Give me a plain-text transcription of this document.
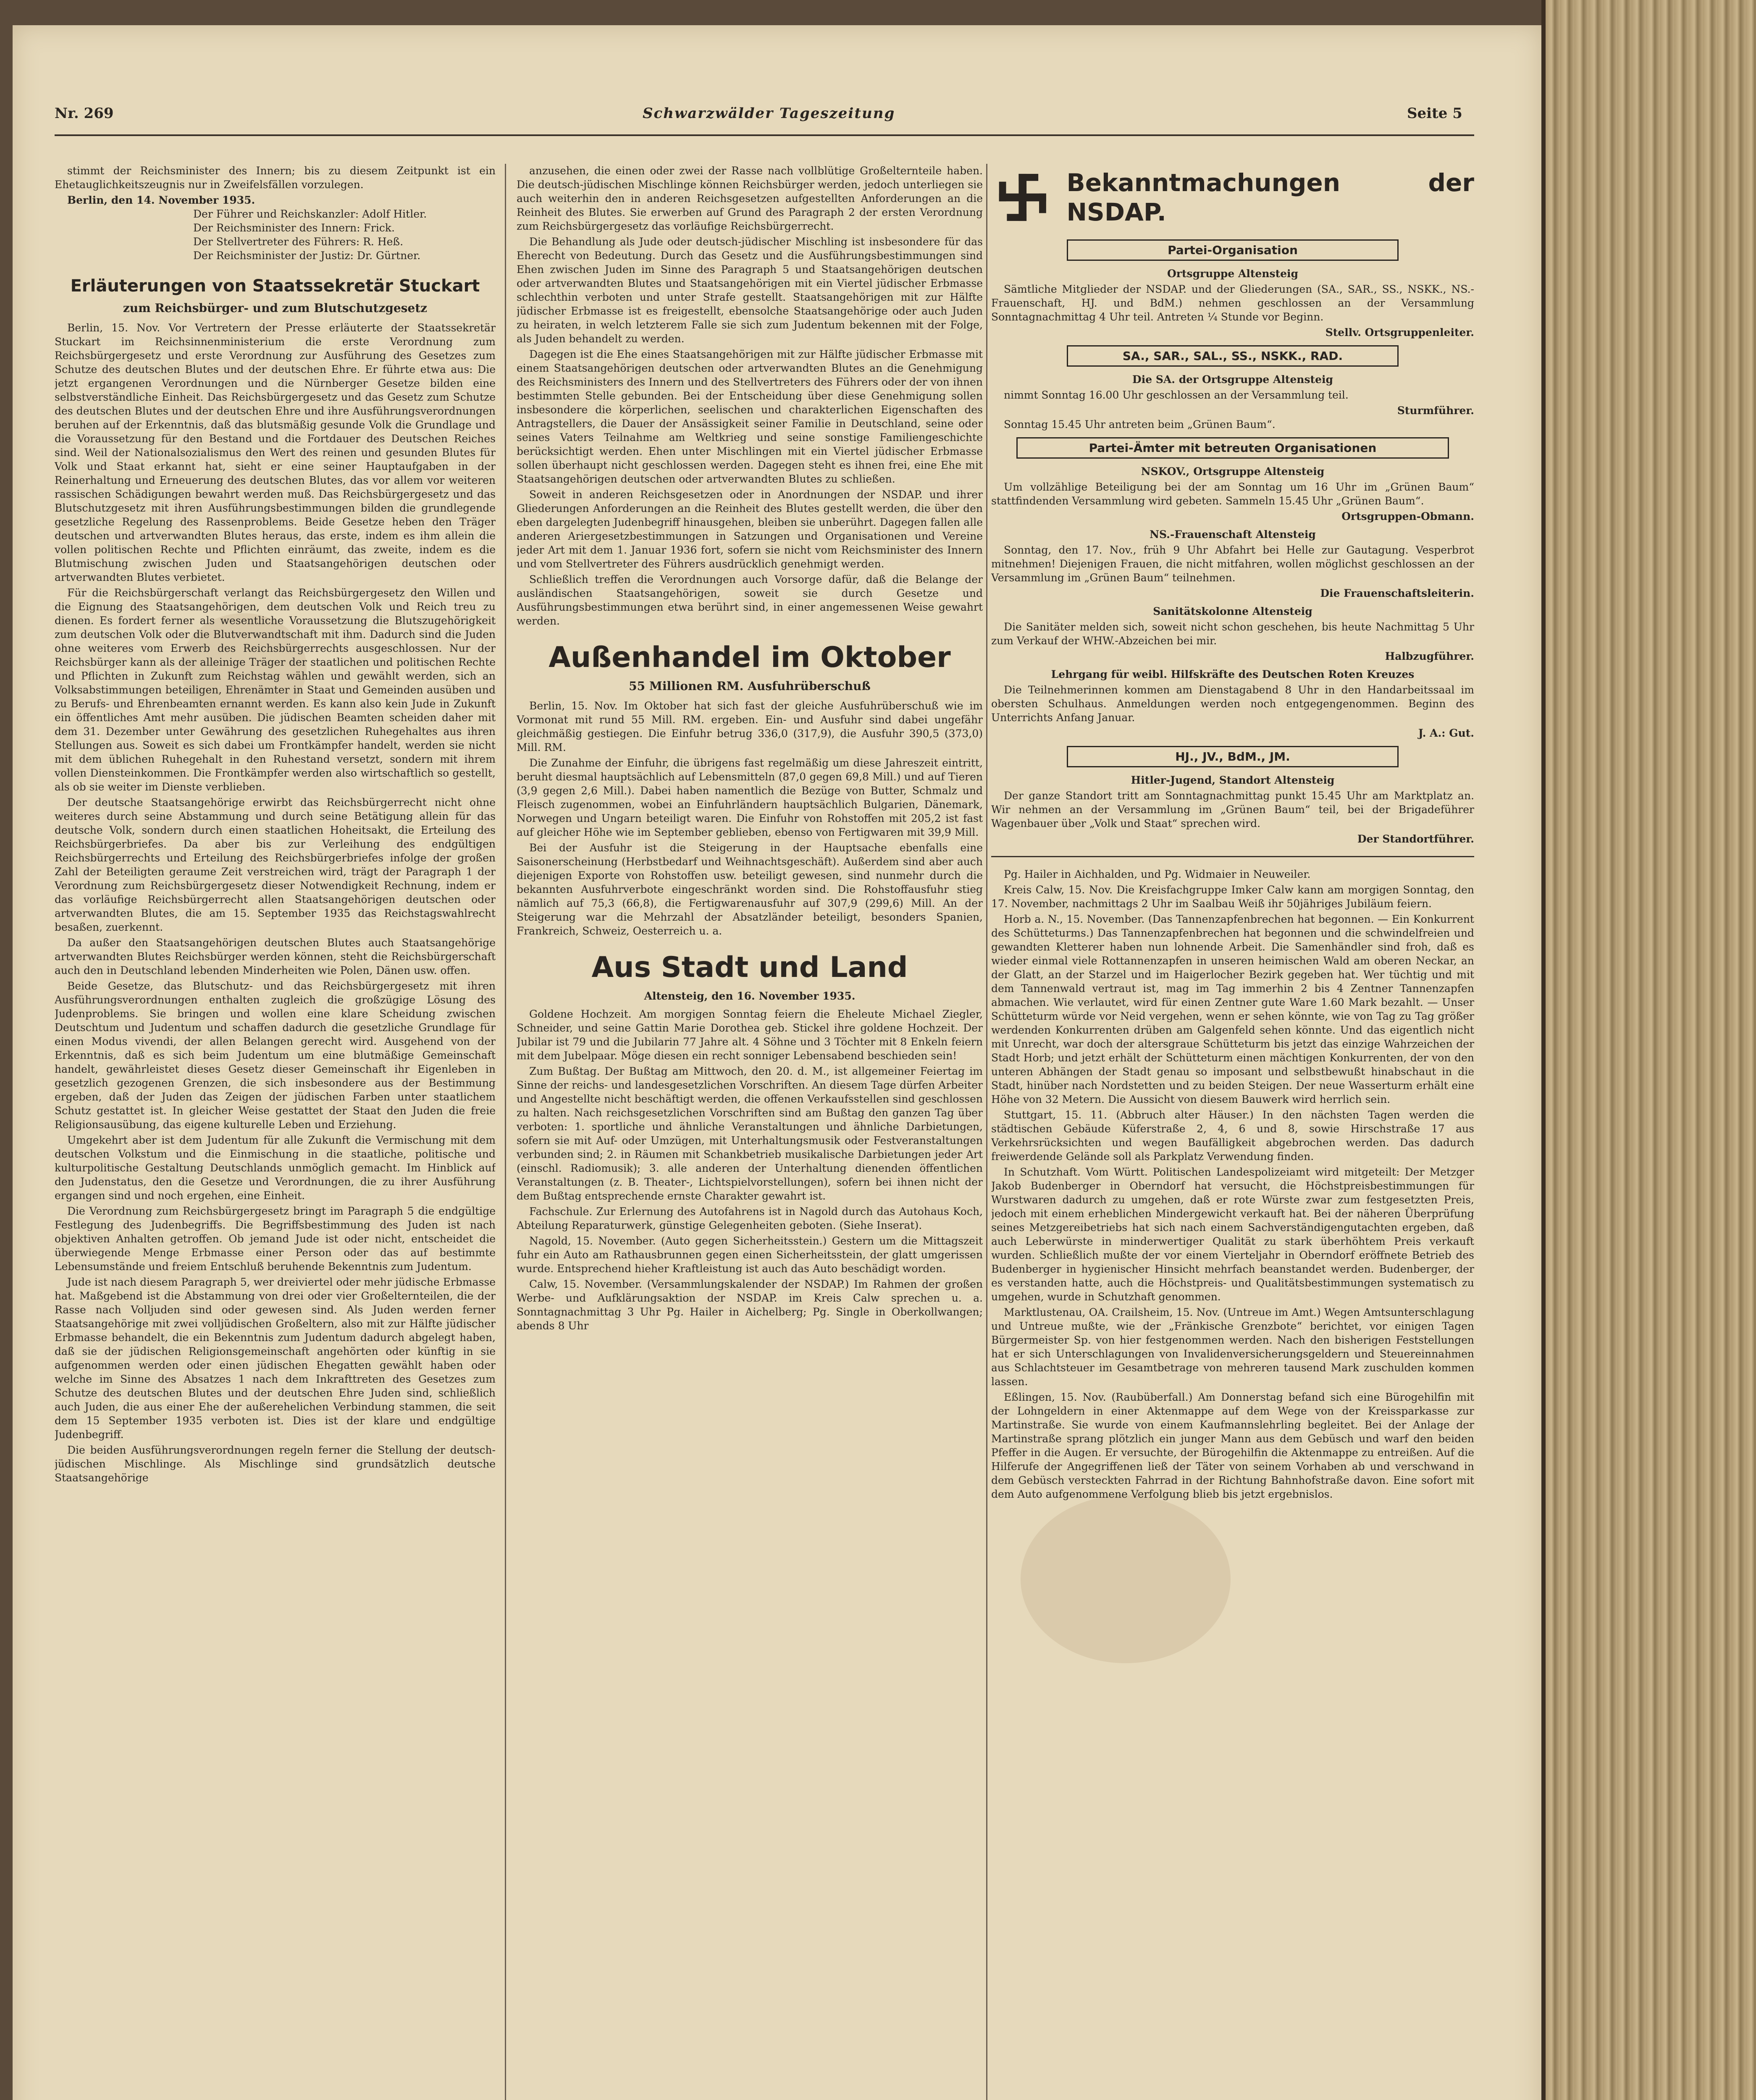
Nr. 269	Schwarzwälder Tageszeitung	Seite 5

stimmt der Reichsminister des Innern; bis zu diesem Zeitpunkt ist ein Ehetauglichkeitszeugnis nur in Zweifelsfällen vorzulegen.

Berlin, den 14. November 1935.

Der Führer und Reichskanzler: Adolf Hitler.

Der Reichsminister des Innern: Frick.

Der Stellvertreter des Führers: R. Heß.

Der Reichsminister der Justiz: Dr. Gürtner.

Erläuterungen von Staatssekretär Stuckart
zum Reichsbürger- und zum Blutschutzgesetz

Berlin, 15. Nov. Vor Vertretern der Presse erläuterte der Staatssekretär Stuckart im Reichsinnenministerium die erste Verordnung zum Reichsbürgergesetz und erste Verordnung zur Ausführung des Gesetzes zum Schutze des deutschen Blutes und der deutschen Ehre. Er führte etwa aus: Die jetzt ergangenen Verordnungen und die Nürnberger Gesetze bilden eine selbstverständliche Einheit. Das Reichsbürgergesetz und das Gesetz zum Schutze des deutschen Blutes und der deutschen Ehre und ihre Ausführungsverordnungen beruhen auf der Erkenntnis, daß das blutsmäßig gesunde Volk die Grundlage und die Voraussetzung für den Bestand und die Fortdauer des Deutschen Reiches sind. Weil der Nationalsozialismus den Wert des reinen und gesunden Blutes für Volk und Staat erkannt hat, sieht er eine seiner Hauptaufgaben in der Reinerhaltung und Erneuerung des deutschen Blutes, das vor allem vor weiteren rassischen Schädigungen bewahrt werden muß. Das Reichsbürgergesetz und das Blutschutzgesetz mit ihren Ausführungsbestimmungen bilden die grundlegende gesetzliche Regelung des Rassenproblems. Beide Gesetze heben den Träger deutschen und artverwandten Blutes heraus, das erste, indem es ihm allein die vollen politischen Rechte und Pflichten einräumt, das zweite, indem es die Blutmischung zwischen Juden und Staatsangehörigen deutschen oder artverwandten Blutes verbietet.

Für die Reichsbürgerschaft verlangt das Reichsbürgergesetz den Willen und die Eignung des Staatsangehörigen, dem deutschen Volk und Reich treu zu dienen. Es fordert ferner als wesentliche Voraussetzung die Blutszugehörigkeit zum deutschen Volk oder die Blutverwandtschaft mit ihm. Dadurch sind die Juden ohne weiteres vom Erwerb des Reichsbürgerrechts ausgeschlossen. Nur der Reichsbürger kann als der alleinige Träger der staatlichen und politischen Rechte und Pflichten in Zukunft zum Reichstag wählen und gewählt werden, sich an Volksabstimmungen beteiligen, Ehrenämter in Staat und Gemeinden ausüben und zu Berufs- und Ehrenbeamten ernannt werden. Es kann also kein Jude in Zukunft ein öffentliches Amt mehr ausüben. Die jüdischen Beamten scheiden daher mit dem 31. Dezember unter Gewährung des gesetzlichen Ruhegehaltes aus ihren Stellungen aus. Soweit es sich dabei um Frontkämpfer handelt, werden sie nicht mit dem üblichen Ruhegehalt in den Ruhestand versetzt, sondern mit ihrem vollen Diensteinkommen. Die Frontkämpfer werden also wirtschaftlich so gestellt, als ob sie weiter im Dienste verblieben.

Der deutsche Staatsangehörige erwirbt das Reichsbürgerrecht nicht ohne weiteres durch seine Abstammung und durch seine Betätigung allein für das deutsche Volk, sondern durch einen staatlichen Hoheitsakt, die Erteilung des Reichsbürgerbriefes. Da aber bis zur Verleihung des endgültigen Reichsbürgerrechts und Erteilung des Reichsbürgerbriefes infolge der großen Zahl der Beteiligten geraume Zeit verstreichen wird, trägt der Paragraph 1 der Verordnung zum Reichsbürgergesetz dieser Notwendigkeit Rechnung, indem er das vorläufige Reichsbürgerrecht allen Staatsangehörigen deutschen oder artverwandten Blutes, die am 15. September 1935 das Reichstagswahlrecht besaßen, zuerkennt.

Da außer den Staatsangehörigen deutschen Blutes auch Staatsangehörige artverwandten Blutes Reichsbürger werden können, steht die Reichsbürgerschaft auch den in Deutschland lebenden Minderheiten wie Polen, Dänen usw. offen.

Beide Gesetze, das Blutschutz- und das Reichsbürgergesetz mit ihren Ausführungsverordnungen enthalten zugleich die großzügige Lösung des Judenproblems. Sie bringen und wollen eine klare Scheidung zwischen Deutschtum und Judentum und schaffen dadurch die gesetzliche Grundlage für einen Modus vivendi, der allen Belangen gerecht wird. Ausgehend von der Erkenntnis, daß es sich beim Judentum um eine blutmäßige Gemeinschaft handelt, gewährleistet dieses Gesetz dieser Gemeinschaft ihr Eigenleben in gesetzlich gezogenen Grenzen, die sich insbesondere aus der Bestimmung ergeben, daß der Juden das Zeigen der jüdischen Farben unter staatlichem Schutz gestattet ist. In gleicher Weise gestattet der Staat den Juden die freie Religionsausübung, das eigene kulturelle Leben und Erziehung.

Umgekehrt aber ist dem Judentum für alle Zukunft die Vermischung mit dem deutschen Volkstum und die Einmischung in die staatliche, politische und kulturpolitische Gestaltung Deutschlands unmöglich gemacht. Im Hinblick auf den Judenstatus, den die Gesetze und Verordnungen, die zu ihrer Ausführung ergangen sind und noch ergehen, eine Einheit.

Die Verordnung zum Reichsbürgergesetz bringt im Paragraph 5 die endgültige Festlegung des Judenbegriffs. Die Begriffsbestimmung des Juden ist nach objektiven Anhalten getroffen. Ob jemand Jude ist oder nicht, entscheidet die überwiegende Menge Erbmasse einer Person oder das auf bestimmte Lebensumstände und freiem Entschluß beruhende Bekenntnis zum Judentum.

Jude ist nach diesem Paragraph 5, wer dreiviertel oder mehr jüdische Erbmasse hat. Maßgebend ist die Abstammung von drei oder vier Großelternteilen, die der Rasse nach Volljuden sind oder gewesen sind. Als Juden werden ferner Staatsangehörige mit zwei volljüdischen Großeltern, also mit zur Hälfte jüdischer Erbmasse behandelt, die ein Bekenntnis zum Judentum dadurch abgelegt haben, daß sie der jüdischen Religionsgemeinschaft angehörten oder künftig in sie aufgenommen werden oder einen jüdischen Ehegatten gewählt haben oder welche im Sinne des Absatzes 1 nach dem Inkrafttreten des Gesetzes zum Schutze des deutschen Blutes und der deutschen Ehre Juden sind, schließlich auch Juden, die aus einer Ehe der außerehelichen Verbindung stammen, die seit dem 15 September 1935 verboten ist. Dies ist der klare und endgültige Judenbegriff.

Die beiden Ausführungsverordnungen regeln ferner die Stellung der deutsch-jüdischen Mischlinge. Als Mischlinge sind grundsätzlich deutsche Staatsangehörige

anzusehen, die einen oder zwei der Rasse nach vollblütige Großelternteile haben. Die deutsch-jüdischen Mischlinge können Reichsbürger werden, jedoch unterliegen sie auch weiterhin den in anderen Reichsgesetzen aufgestellten Anforderungen an die Reinheit des Blutes. Sie erwerben auf Grund des Paragraph 2 der ersten Verordnung zum Reichsbürgergesetz das vorläufige Reichsbürgerrecht.

Die Behandlung als Jude oder deutsch-jüdischer Mischling ist insbesondere für das Eherecht von Bedeutung. Durch das Gesetz und die Ausführungsbestimmungen sind Ehen zwischen Juden im Sinne des Paragraph 5 und Staatsangehörigen deutschen oder artverwandten Blutes und Staatsangehörigen mit ein Viertel jüdischer Erbmasse schlechthin verboten und unter Strafe gestellt. Staatsangehörigen mit zur Hälfte jüdischer Erbmasse ist es freigestellt, ebensolche Staatsangehörige oder auch Juden zu heiraten, in welch letzterem Falle sie sich zum Judentum bekennen mit der Folge, als Juden behandelt zu werden.

Dagegen ist die Ehe eines Staatsangehörigen mit zur Hälfte jüdischer Erbmasse mit einem Staatsangehörigen deutschen oder artverwandten Blutes an die Genehmigung des Reichsministers des Innern und des Stellvertreters des Führers oder der von ihnen bestimmten Stelle gebunden. Bei der Entscheidung über diese Genehmigung sollen insbesondere die körperlichen, seelischen und charakterlichen Eigenschaften des Antragstellers, die Dauer der Ansässigkeit seiner Familie in Deutschland, seine oder seines Vaters Teilnahme am Weltkrieg und seine sonstige Familiengeschichte berücksichtigt werden. Ehen unter Mischlingen mit ein Viertel jüdischer Erbmasse sollen überhaupt nicht geschlossen werden. Dagegen steht es ihnen frei, eine Ehe mit Staatsangehörigen deutschen oder artverwandten Blutes zu schließen.

Soweit in anderen Reichsgesetzen oder in Anordnungen der NSDAP. und ihrer Gliederungen Anforderungen an die Reinheit des Blutes gestellt werden, die über den eben dargelegten Judenbegriff hinausgehen, bleiben sie unberührt. Dagegen fallen alle anderen Ariergesetzbestimmungen in Satzungen und Organisationen und Vereine jeder Art mit dem 1. Januar 1936 fort, sofern sie nicht vom Reichsminister des Innern und vom Stellvertreter des Führers ausdrücklich genehmigt werden.

Schließlich treffen die Verordnungen auch Vorsorge dafür, daß die Belange der ausländischen Staatsangehörigen, soweit sie durch Gesetze und Ausführungsbestimmungen etwa berührt sind, in einer angemessenen Weise gewahrt werden.

Außenhandel im Oktober
55 Millionen RM. Ausfuhrüberschuß

Berlin, 15. Nov. Im Oktober hat sich fast der gleiche Ausfuhrüberschuß wie im Vormonat mit rund 55 Mill. RM. ergeben. Ein- und Ausfuhr sind dabei ungefähr gleichmäßig gestiegen. Die Einfuhr betrug 336,0 (317,9), die Ausfuhr 390,5 (373,0) Mill. RM.

Die Zunahme der Einfuhr, die übrigens fast regelmäßig um diese Jahreszeit eintritt, beruht diesmal hauptsächlich auf Lebensmitteln (87,0 gegen 69,8 Mill.) und auf Tieren (3,9 gegen 2,6 Mill.). Dabei haben namentlich die Bezüge von Butter, Schmalz und Fleisch zugenommen, wobei an Einfuhrländern hauptsächlich Bulgarien, Dänemark, Norwegen und Ungarn beteiligt waren. Die Einfuhr von Rohstoffen mit 205,2 ist fast auf gleicher Höhe wie im September geblieben, ebenso von Fertigwaren mit 39,9 Mill.

Bei der Ausfuhr ist die Steigerung in der Hauptsache ebenfalls eine Saisonerscheinung (Herbstbedarf und Weihnachtsgeschäft). Außerdem sind aber auch diejenigen Exporte von Rohstoffen usw. beteiligt gewesen, sind nunmehr durch die bekannten Ausfuhrverbote eingeschränkt worden sind. Die Rohstoffausfuhr stieg nämlich auf 75,3 (66,8), die Fertigwarenausfuhr auf 307,9 (299,6) Mill. An der Steigerung war die Mehrzahl der Absatzländer beteiligt, besonders Spanien, Frankreich, Schweiz, Oesterreich u. a.

Aus Stadt und Land
Altensteig, den 16. November 1935.

Goldene Hochzeit. Am morgigen Sonntag feiern die Eheleute Michael Ziegler, Schneider, und seine Gattin Marie Dorothea geb. Stickel ihre goldene Hochzeit. Der Jubilar ist 79 und die Jubilarin 77 Jahre alt. 4 Söhne und 3 Töchter mit 8 Enkeln feiern mit dem Jubelpaar. Möge diesen ein recht sonniger Lebensabend beschieden sein!

Zum Bußtag. Der Bußtag am Mittwoch, den 20. d. M., ist allgemeiner Feiertag im Sinne der reichs- und landesgesetzlichen Vorschriften. An diesem Tage dürfen Arbeiter und Angestellte nicht beschäftigt werden, die offenen Verkaufsstellen sind geschlossen zu halten. Nach reichsgesetzlichen Vorschriften sind am Bußtag den ganzen Tag über verboten: 1. sportliche und ähnliche Veranstaltungen und ähnliche Darbietungen, sofern sie mit Auf- oder Umzügen, mit Unterhaltungsmusik oder Festveranstaltungen verbunden sind; 2. in Räumen mit Schankbetrieb musikalische Darbietungen jeder Art (einschl. Radiomusik); 3. alle anderen der Unterhaltung dienenden öffentlichen Veranstaltungen (z. B. Theater-, Lichtspielvorstellungen), sofern bei ihnen nicht der dem Bußtag entsprechende ernste Charakter gewahrt ist.

Fachschule. Zur Erlernung des Autofahrens ist in Nagold durch das Autohaus Koch, Abteilung Reparaturwerk, günstige Gelegenheiten geboten. (Siehe Inserat).

Nagold, 15. November. (Auto gegen Sicherheitsstein.) Gestern um die Mittagszeit fuhr ein Auto am Rathausbrunnen gegen einen Sicherheitsstein, der glatt umgerissen wurde. Entsprechend hieher Kraftleistung ist auch das Auto beschädigt worden.

Calw, 15. November. (Versammlungskalender der NSDAP.) Im Rahmen der großen Werbe- und Aufklärungsaktion der NSDAP. im Kreis Calw sprechen u. a. Sonntagnachmittag 3 Uhr Pg. Hailer in Aichelberg; Pg. Single in Oberkollwangen; abends 8 Uhr

Bekanntmachungen der NSDAP.
Partei-Organisation
Ortsgruppe Altensteig

Sämtliche Mitglieder der NSDAP. und der Gliederungen (SA., SAR., SS., NSKK., NS.-Frauenschaft, HJ. und BdM.) nehmen geschlossen an der Versammlung Sonntagnachmittag 4 Uhr teil. Antreten ¼ Stunde vor Beginn.

Stellv. Ortsgruppenleiter.
SA., SAR., SAL., SS., NSKK., RAD.
Die SA. der Ortsgruppe Altensteig

nimmt Sonntag 16.00 Uhr geschlossen an der Versammlung teil.

Sturmführer.

Sonntag 15.45 Uhr antreten beim „Grünen Baum“.

Partei-Ämter mit betreuten Organisationen
NSKOV., Ortsgruppe Altensteig

Um vollzählige Beteiligung bei der am Sonntag um 16 Uhr im „Grünen Baum“ stattfindenden Versammlung wird gebeten. Sammeln 15.45 Uhr „Grünen Baum“.

Ortsgruppen-Obmann.
NS.-Frauenschaft Altensteig

Sonntag, den 17. Nov., früh 9 Uhr Abfahrt bei Helle zur Gautagung. Vesperbrot mitnehmen! Diejenigen Frauen, die nicht mitfahren, wollen möglichst geschlossen an der Versammlung im „Grünen Baum“ teilnehmen.

Die Frauenschaftsleiterin.
Sanitätskolonne Altensteig

Die Sanitäter melden sich, soweit nicht schon geschehen, bis heute Nachmittag 5 Uhr zum Verkauf der WHW.-Abzeichen bei mir.

Halbzugführer.
Lehrgang für weibl. Hilfskräfte des Deutschen Roten Kreuzes

Die Teilnehmerinnen kommen am Dienstagabend 8 Uhr in den Handarbeitssaal im obersten Schulhaus. Anmeldungen werden noch entgegengenommen. Beginn des Unterrichts Anfang Januar.

J. A.: Gut.
HJ., JV., BdM., JM.
Hitler-Jugend, Standort Altensteig

Der ganze Standort tritt am Sonntagnachmittag punkt 15.45 Uhr am Marktplatz an. Wir nehmen an der Versammlung im „Grünen Baum“ teil, bei der Brigadeführer Wagenbauer über „Volk und Staat“ sprechen wird.

Der Standortführer.

Pg. Hailer in Aichhalden, und Pg. Widmaier in Neuweiler.

Kreis Calw, 15. Nov. Die Kreisfachgruppe Imker Calw kann am morgigen Sonntag, den 17. November, nachmittags 2 Uhr im Saalbau Weiß ihr 50jähriges Jubiläum feiern.

Horb a. N., 15. November. (Das Tannenzapfenbrechen hat begonnen. — Ein Konkurrent des Schütteturms.) Das Tannenzapfenbrechen hat begonnen und die schwindelfreien und gewandten Kletterer haben nun lohnende Arbeit. Die Samenhändler sind froh, daß es wieder einmal viele Rottannenzapfen in unseren heimischen Wald am oberen Neckar, an der Glatt, an der Starzel und im Haigerlocher Bezirk gegeben hat. Wer tüchtig und mit dem Tannenwald vertraut ist, mag im Tag immerhin 2 bis 4 Zentner Tannenzapfen abmachen. Wie verlautet, wird für einen Zentner gute Ware 1.60 Mark bezahlt. — Unser Schütteturm würde vor Neid vergehen, wenn er sehen könnte, wie von Tag zu Tag größer werdenden Konkurrenten drüben am Galgenfeld sehen könnte. Und das eigentlich nicht mit Unrecht, war doch der altersgraue Schütteturm bis jetzt das einzige Wahrzeichen der Stadt Horb; und jetzt erhält der Schütteturm einen mächtigen Konkurrenten, der von den unteren Abhängen der Stadt genau so imposant und selbstbewußt hinabschaut in die Stadt, hinüber nach Nordstetten und zu beiden Steigen. Der neue Wasserturm erhält eine Höhe von 32 Metern. Die Aussicht von diesem Bauwerk wird herrlich sein.

Stuttgart, 15. 11. (Abbruch alter Häuser.) In den nächsten Tagen werden die städtischen Gebäude Küferstraße 2, 4, 6 und 8, sowie Hirschstraße 17 aus Verkehrsrücksichten und wegen Baufälligkeit abgebrochen werden. Das dadurch freiwerdende Gelände soll als Parkplatz Verwendung finden.

In Schutzhaft. Vom Württ. Politischen Landespolizeiamt wird mitgeteilt: Der Metzger Jakob Budenberger in Oberndorf hat versucht, die Höchstpreisbestimmungen für Wurstwaren dadurch zu umgehen, daß er rote Würste zwar zum festgesetzten Preis, jedoch mit einem erheblichen Mindergewicht verkauft hat. Bei der näheren Überprüfung seines Metzgereibetriebs hat sich nach einem Sachverständigengutachten ergeben, daß auch Leberwürste in minderwertiger Qualität zu stark überhöhtem Preis verkauft wurden. Schließlich mußte der vor einem Vierteljahr in Oberndorf eröffnete Betrieb des Budenberger in hygienischer Hinsicht mehrfach beanstandet werden. Budenberger, der es verstanden hatte, auch die Höchstpreis- und Qualitätsbestimmungen systematisch zu umgehen, wurde in Schutzhaft genommen.

Marktlustenau, OA. Crailsheim, 15. Nov. (Untreue im Amt.) Wegen Amtsunterschlagung und Untreue mußte, wie der „Fränkische Grenzbote“ berichtet, vor einigen Tagen Bürgermeister Sp. von hier festgenommen werden. Nach den bisherigen Feststellungen hat er sich Unterschlagungen von Invalidenversicherungsgeldern und Steuereinnahmen aus Schlachtsteuer im Gesamtbetrage von mehreren tausend Mark zuschulden kommen lassen.

Eßlingen, 15. Nov. (Raubüberfall.) Am Donnerstag befand sich eine Bürogehilfin mit der Lohngeldern in einer Aktenmappe auf dem Wege von der Kreissparkasse zur Martinstraße. Sie wurde von einem Kaufmannslehrling begleitet. Bei der Anlage der Martinstraße sprang plötzlich ein junger Mann aus dem Gebüsch und warf den beiden Pfeffer in die Augen. Er versuchte, der Bürogehilfin die Aktenmappe zu entreißen. Auf die Hilferufe der Angegriffenen ließ der Täter von seinem Vorhaben ab und verschwand in dem Gebüsch versteckten Fahrrad in der Richtung Bahnhofstraße davon. Eine sofort mit dem Auto aufgenommene Verfolgung blieb bis jetzt ergebnislos.
